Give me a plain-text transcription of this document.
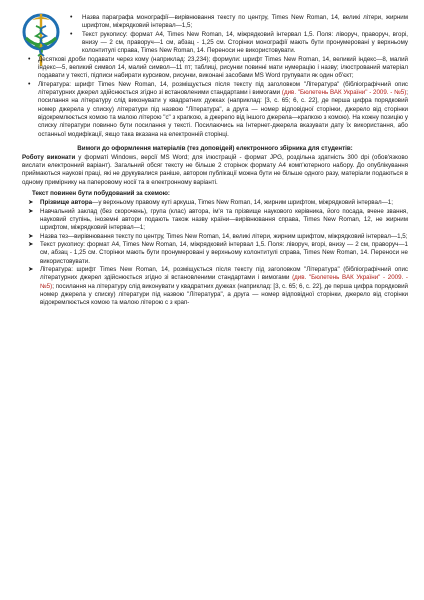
• Назва параграфа монографії—вирівнювання тексту по центру, Times New Roman, 14, великі літери, жирним шрифтом, міжрядковий інтервал—1,5;
• Текст рукопису: формат А4, Times New Roman, 14, міжрядковий інтервал 1,5. Поля: ліворуч, праворуч, вгорі, внизу — 2 см, праворуч—1 см, абзац - 1,25 см. Сторінки монографії мають бути пронумеровані у верхньому колонтитулі справа, Times New Roman, 14. Переноси не використовувати.
• Десяткові дроби подавати через кому (наприклад: 23,234); формули: шрифт Times New Roman, 14, великий індекс—8, малий індекс—5, великий символ 14, малий символ—11 пт; таблиці, рисунки повинні мати нумерацію і назву; ілюстрований матеріал подавати у тексті, підписи набирати курсивом, рисунки, виконані засобами MS Word групувати як один об'єкт;
• Література: шрифт Times New Roman, 14, розміщується після тексту під заголовком "Література" (бібліографічний опис літературних джерел здійснюється згідно зі встановленими стандартами і вимогами (див. "Бюлетень ВАК України" - 2009. - №5); посилання на літературу слід виконувати у квадратних дужках (наприклад: [3, с. 65; 6, с. 22], де перша цифра порядковий номер джерела у списку) літератури під назвою "Література", а друга — номер відповідної сторінки, джерело від сторінки відокремлюється комою та малою літерою "с" з крапкою, а джерело від іншого джерела—крапкою з комою). На кожну позицію у списку літератури повинно бути посилання у тексті. Посилаючись на Інтернет-джерела вказувати дату їх використання, або останньої модифікації, якщо така вказана на електронній сторінці.
Вимоги до оформлення матеріалів (тез доповідей) електронного збірника для студентів:
Роботу виконати у форматі Windows, версії MS Word; для ілюстрацій - формат JPG, роздільна здатність 300 dpi (обов'язково вислати електронний варіант). Загальний обсяг тексту не більше 2 сторінок формату А4 комп'ютерного набору. До опублікування приймаються наукові праці, які не друкувалися раніше, автором публікації можна бути не більше одного разу, матеріали подаються в одному примірнику на паперовому носії та в електронному варіанті.
Текст повинен бути побудований за схемою:
➤ Прізвище автора—у верхньому правому куті аркуша, Times New Roman, 14, жирним шрифтом, міжрядковий інтервал—1;
➤ Навчальний заклад (без скорочень), група (клас) автора, ім'я та прізвище наукового керівника, його посада, вчене звання, науковий ступінь, іноземні автори подають також назву країни—вирівнювання справа, Times New Roman, 12, не жирним шрифтом, міжрядковий інтервал—1;
➤ Назва тез—вирівнювання тексту по центру, Times New Roman, 14, великі літери, жирним шрифтом, міжрядковий інтервал—1,5;
➤ Текст рукопису: формат А4, Times New Roman, 14, міжрядковий інтервал 1,5. Поля: ліворуч, вгорі, внизу — 2 см, праворуч—1 см, абзац - 1,25 см. Сторінки мають бути пронумеровані у верхньому колонтитулі справа, Times New Roman, 14. Переноси не використовувати.
➤ Література: шрифт Times New Roman, 14, розміщується після тексту під заголовком "Література" (бібліографічний опис літературних джерел здійснюється згідно зі встановленими стандартами і вимогами (див. "Бюлетень ВАК України" - 2009. - №5); посилання на літературу слід виконувати у квадратних дужках (наприклад: [3, с. 65; 6, с. 22], де перша цифра порядковий номер джерела у списку) літератури під назвою "Література", а друга — номер відповідної сторінки, джерело від сторінки відокремлюється комою та малою літерою с з крап-
